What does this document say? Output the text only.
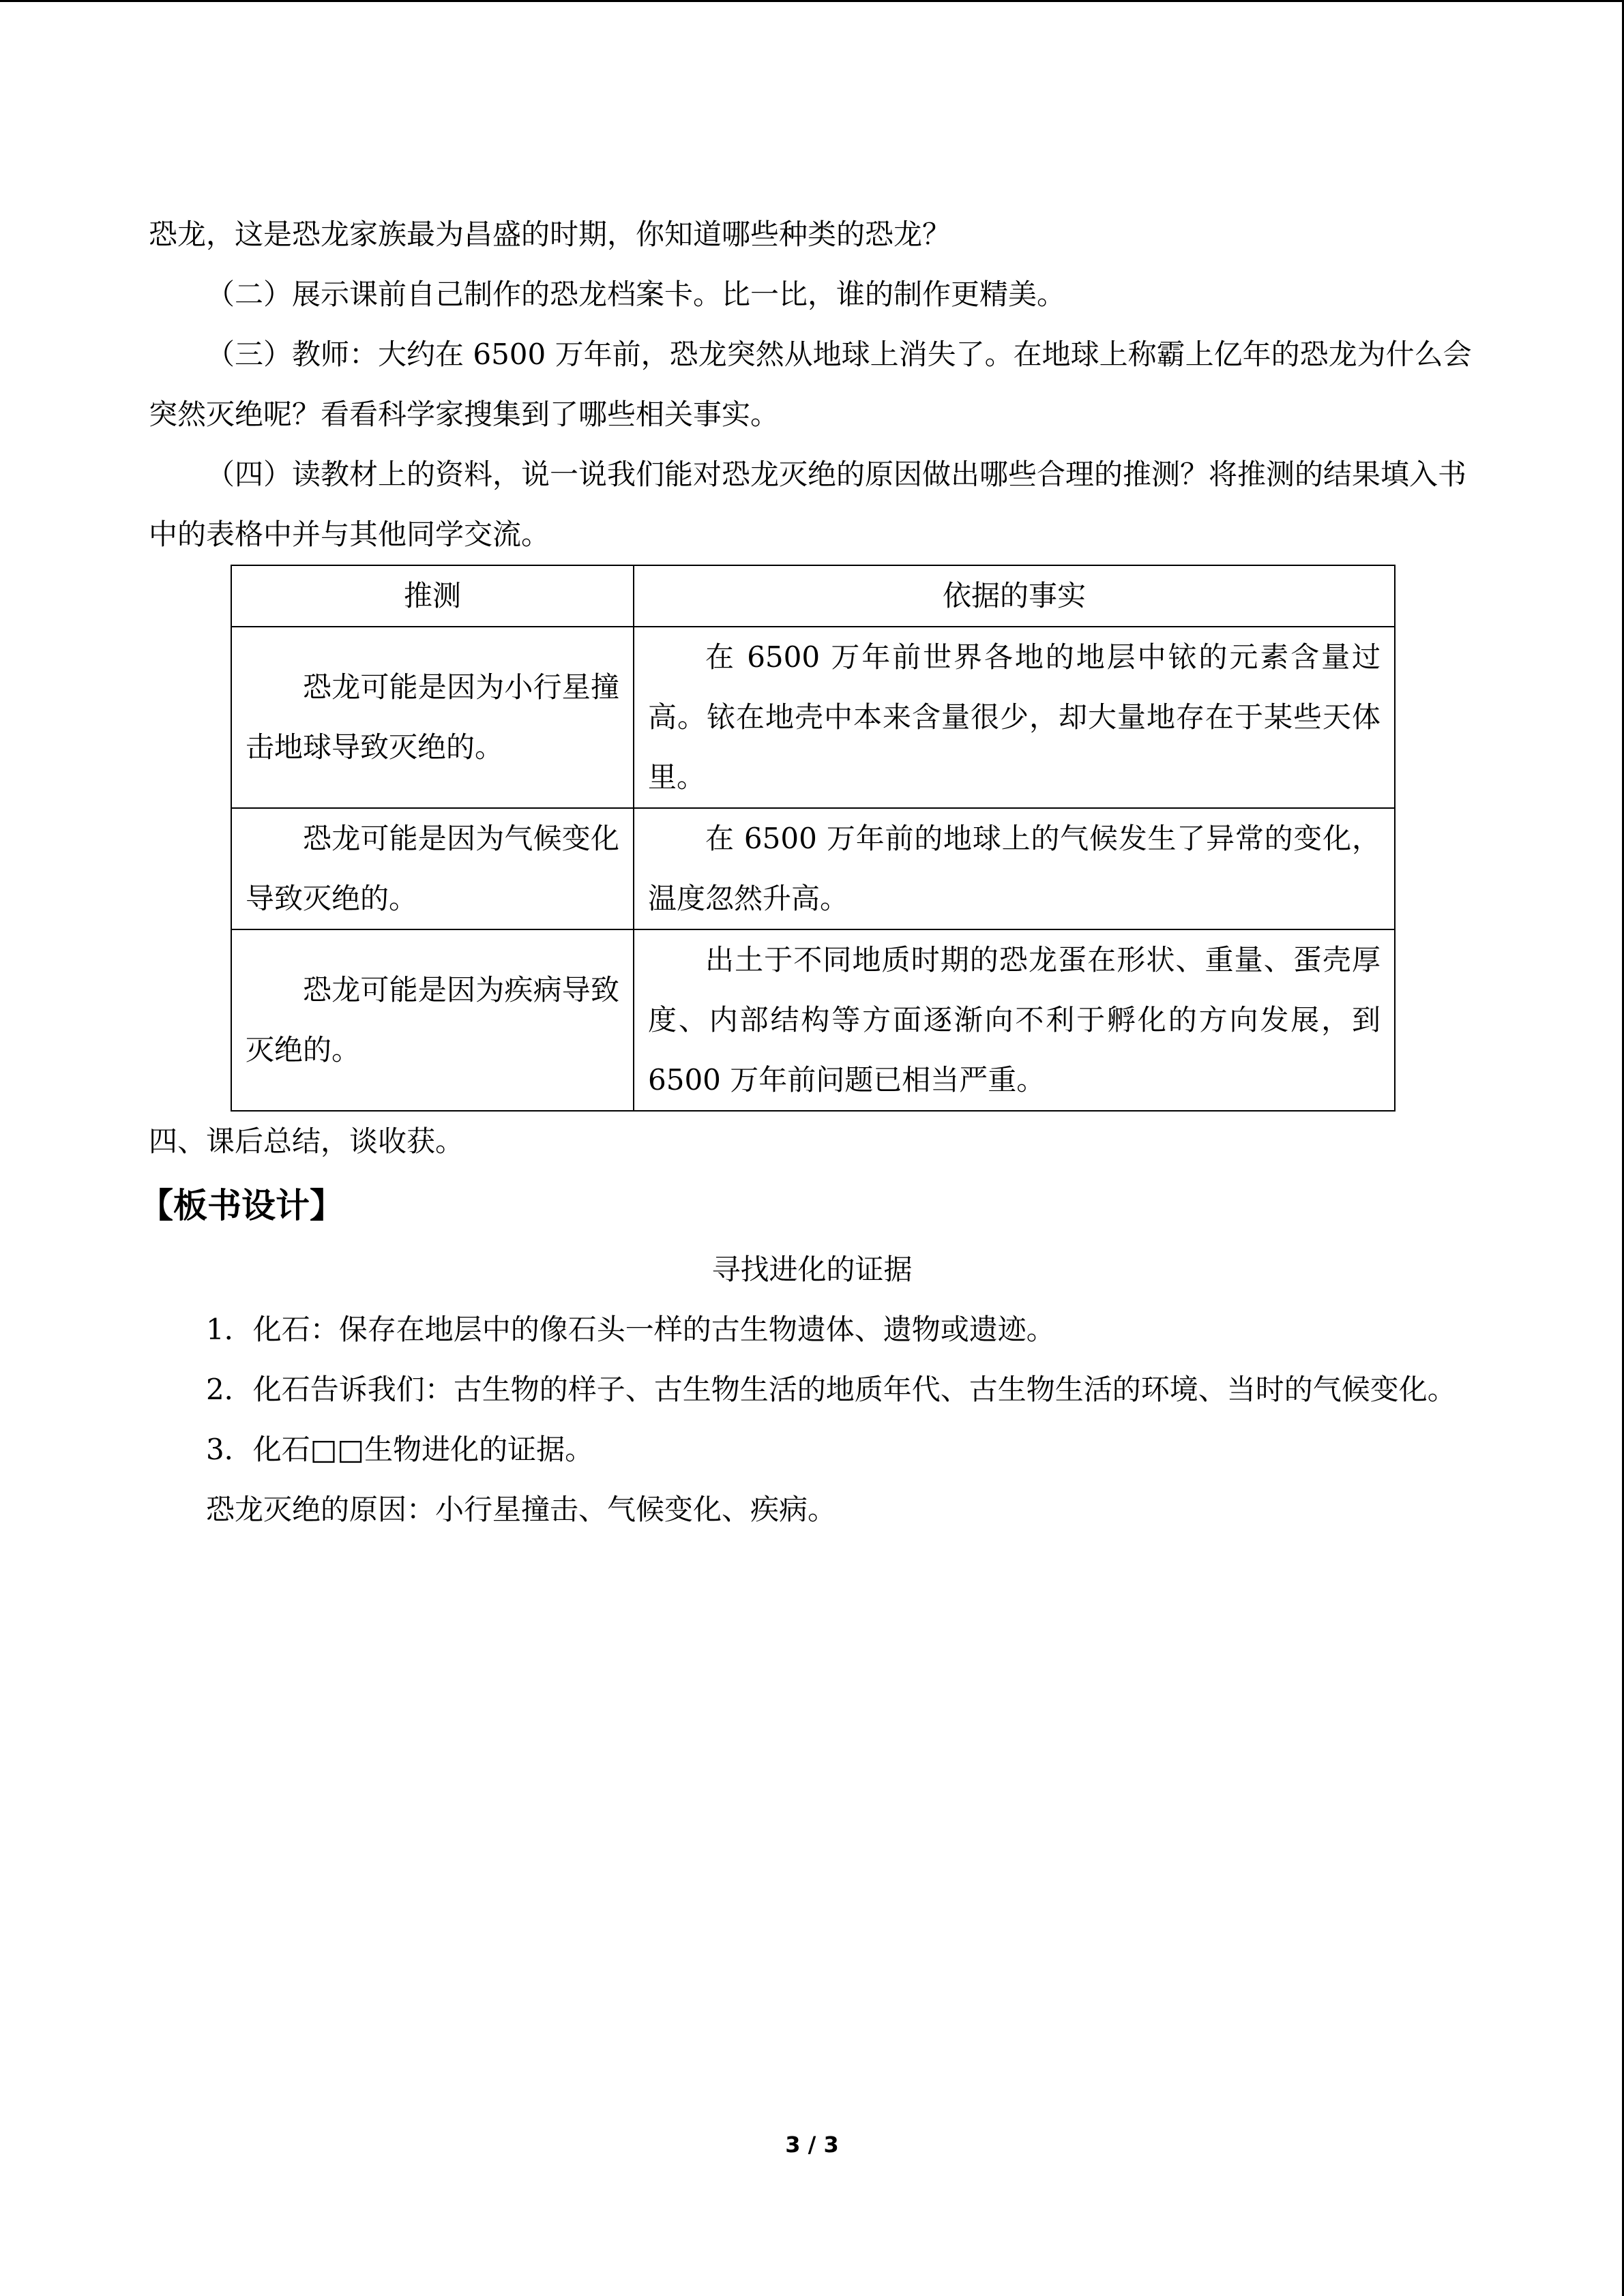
恐龙，这是恐龙家族最为昌盛的时期，你知道哪些种类的恐龙？

（二）展示课前自己制作的恐龙档案卡。比一比，谁的制作更精美。

（三）教师：大约在 6500 万年前，恐龙突然从地球上消失了。在地球上称霸上亿年的恐龙为什么会突然灭绝呢？看看科学家搜集到了哪些相关事实。

（四）读教材上的资料，说一说我们能对恐龙灭绝的原因做出哪些合理的推测？将推测的结果填入书中的表格中并与其他同学交流。

推测	依据的事实

恐龙可能是因为小行星撞击地球导致灭绝的。	在 6500 万年前世界各地的地层中铱的元素含量过高。铱在地壳中本来含量很少，却大量地存在于某些天体里。

恐龙可能是因为气候变化导致灭绝的。	在 6500 万年前的地球上的气候发生了异常的变化，温度忽然升高。

恐龙可能是因为疾病导致灭绝的。	出土于不同地质时期的恐龙蛋在形状、重量、蛋壳厚度、内部结构等方面逐渐向不利于孵化的方向发展，到 6500 万年前问题已相当严重。

四、课后总结，谈收获。

【板书设计】

寻找进化的证据

1．化石：保存在地层中的像石头一样的古生物遗体、遗物或遗迹。

2．化石告诉我们：古生物的样子、古生物生活的地质年代、古生物生活的环境、当时的气候变化。

3．化石□□生物进化的证据。

恐龙灭绝的原因：小行星撞击、气候变化、疾病。

3 / 3
